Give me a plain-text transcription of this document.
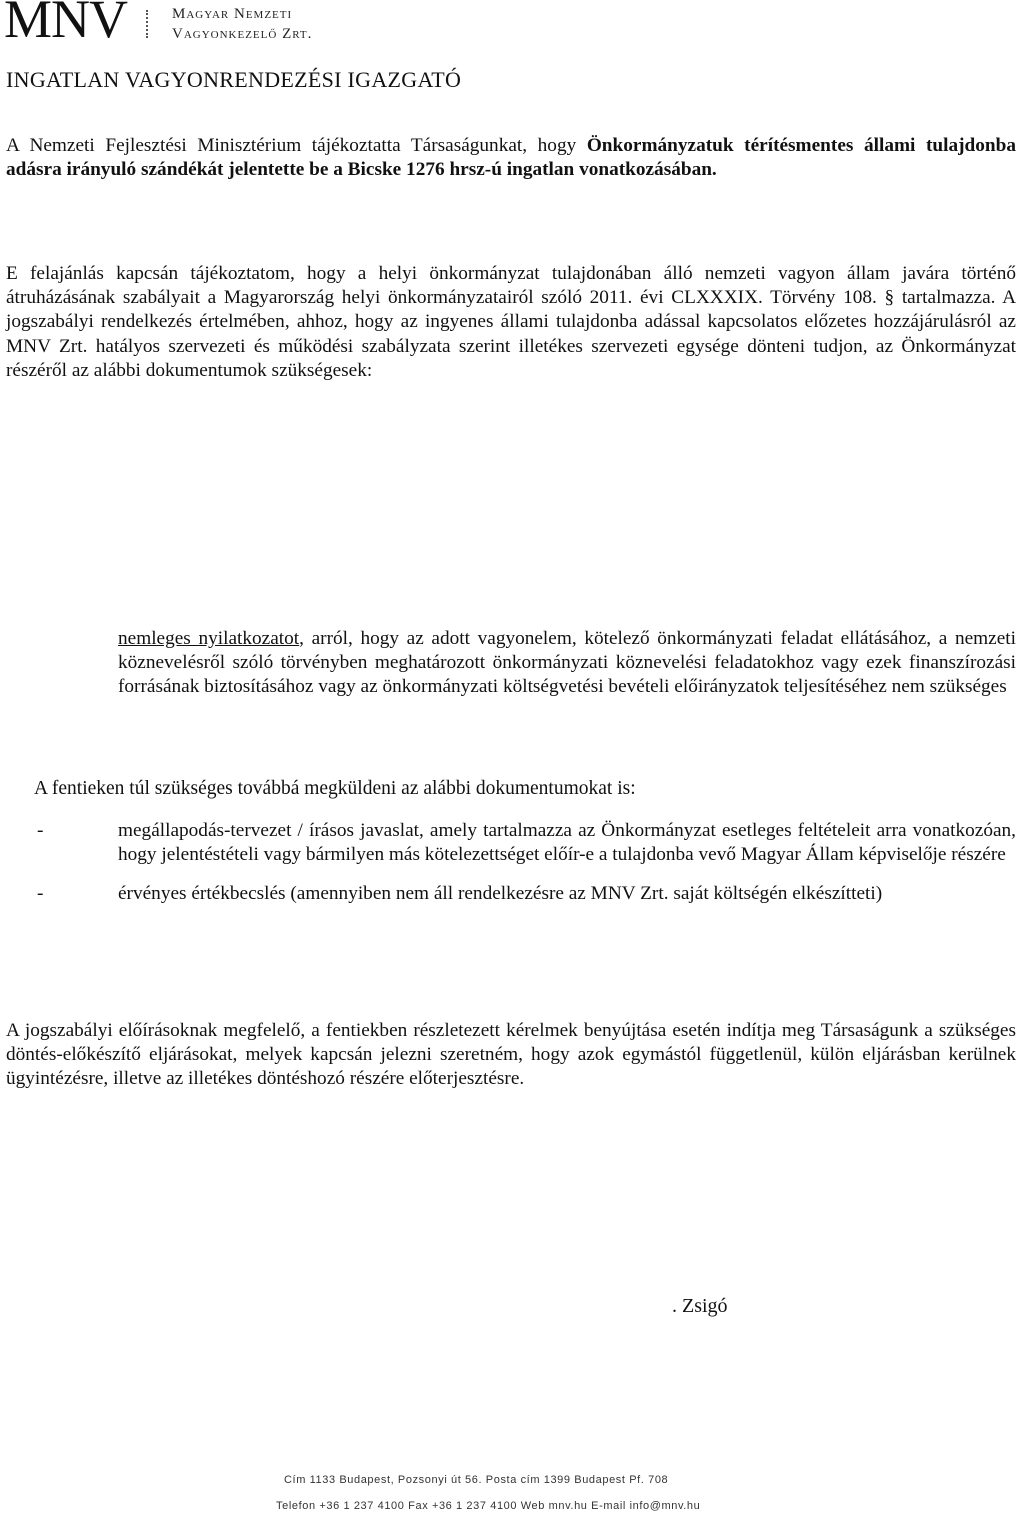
MNV	Magyar Nemzeti
Vagyonkezelő Zrt.
INGATLAN VAGYONRENDEZÉSI IGAZGATÓ
A Nemzeti Fejlesztési Minisztérium tájékoztatta Társaságunkat, hogy Önkormányzatuk térítésmentes állami tulajdonba adásra irányuló szándékát jelentette be a Bicske 1276 hrsz-ú ingatlan vonatkozásában.
E felajánlás kapcsán tájékoztatom, hogy a helyi önkormányzat tulajdonában álló nemzeti vagyon állam javára történő átruházásának szabályait a Magyarország helyi önkormányzatairól szóló 2011. évi CLXXXIX. Törvény 108. § tartalmazza. A jogszabályi rendelkezés értelmében, ahhoz, hogy az ingyenes állami tulajdonba adással kapcsolatos előzetes hozzájárulásról az MNV Zrt. hatályos szervezeti és működési szabályzata szerint illetékes szervezeti egysége dönteni tudjon, az Önkormányzat részéről az alábbi dokumentumok szükségesek:
nemleges nyilatkozatot, arról, hogy az adott vagyonelem, kötelező önkormányzati feladat ellátásához, a nemzeti köznevelésről szóló törvényben meghatározott önkormányzati köznevelési feladatokhoz vagy ezek finanszírozási forrásának biztosításához vagy az önkormányzati költségvetési bevételi előirányzatok teljesítéséhez nem szükséges
A fentieken túl szükséges továbbá megküldeni az alábbi dokumentumokat is:
-	megállapodás-tervezet / írásos javaslat, amely tartalmazza az Önkormányzat esetleges feltételeit arra vonatkozóan, hogy jelentéstételi vagy bármilyen más kötelezettséget előír-e a tulajdonba vevő Magyar Állam képviselője részére
-	érvényes értékbecslés (amennyiben nem áll rendelkezésre az MNV Zrt. saját költségén elkészítteti)
A jogszabályi előírásoknak megfelelő, a fentiekben részletezett kérelmek benyújtása esetén indítja meg Társaságunk a szükséges döntés-előkészítő eljárásokat, melyek kapcsán jelezni szeretném, hogy azok egymástól függetlenül, külön eljárásban kerülnek ügyintézésre, illetve az illetékes döntéshozó részére előterjesztésre.
. Zsigó
Cím 1133 Budapest, Pozsonyi út 56. Posta cím 1399 Budapest Pf. 708
Telefon +36 1 237 4100 Fax +36 1 237 4100 Web mnv.hu E-mail info@mnv.hu
